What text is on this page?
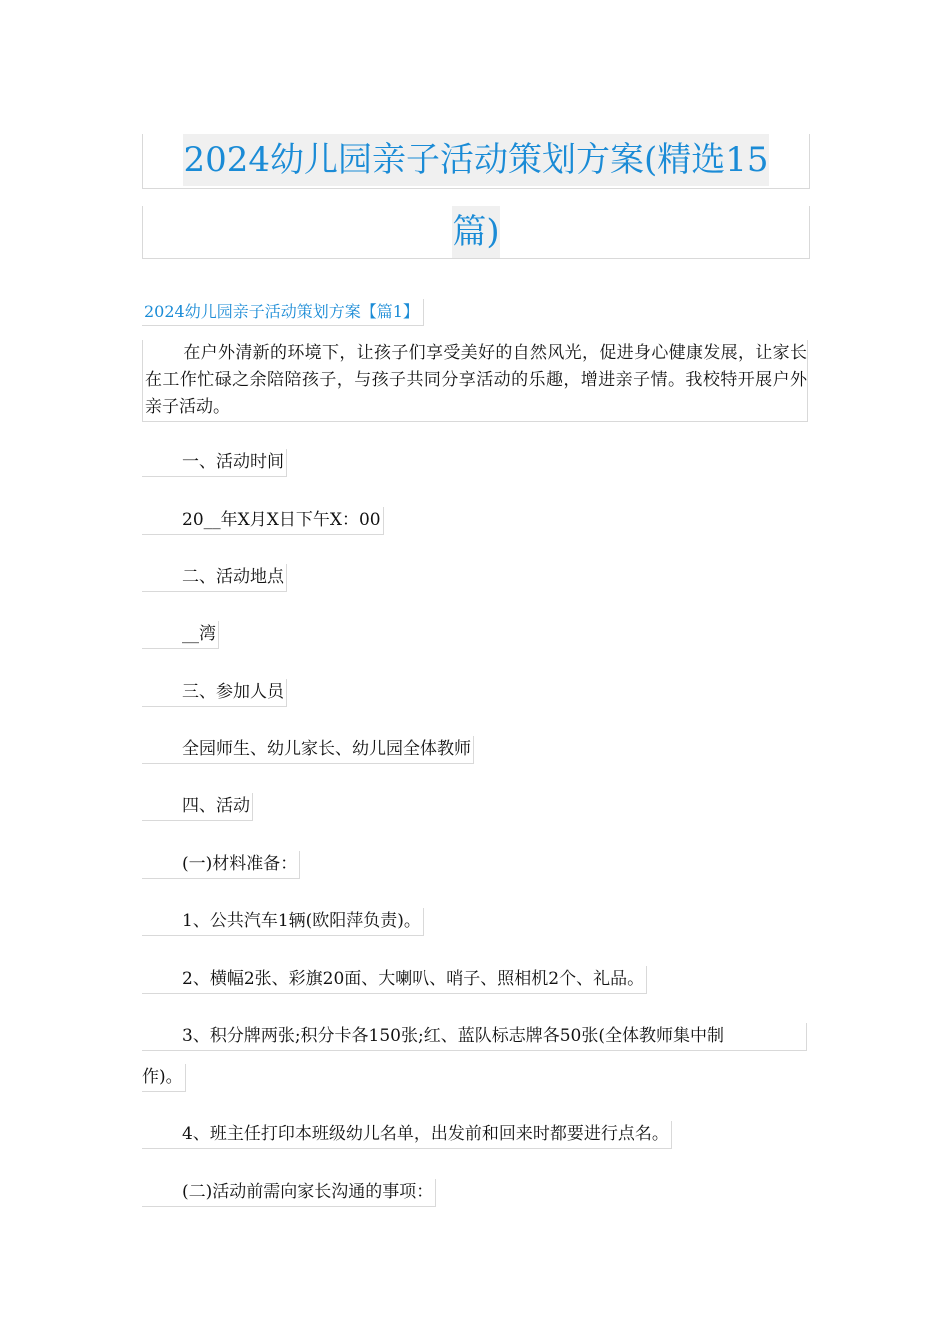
2024幼儿园亲子活动策划方案(精选15
篇)
2024幼儿园亲子活动策划方案【篇1】
在户外清新的环境下，让孩子们享受美好的自然风光，促进身心健康发展，让家长在工作忙碌之余陪陪孩子，与孩子共同分享活动的乐趣，增进亲子情。我校特开展户外亲子活动。
一、活动时间
20__年X月X日下午X：00
二、活动地点
__湾
三、参加人员
全园师生、幼儿家长、幼儿园全体教师
四、活动
(一)材料准备：
1、公共汽车1辆(欧阳萍负责)。
2、横幅2张、彩旗20面、大喇叭、哨子、照相机2个、礼品。
3、积分牌两张;积分卡各150张;红、蓝队标志牌各50张(全体教师集中制
作)。
4、班主任打印本班级幼儿名单，出发前和回来时都要进行点名。
(二)活动前需向家长沟通的事项：
